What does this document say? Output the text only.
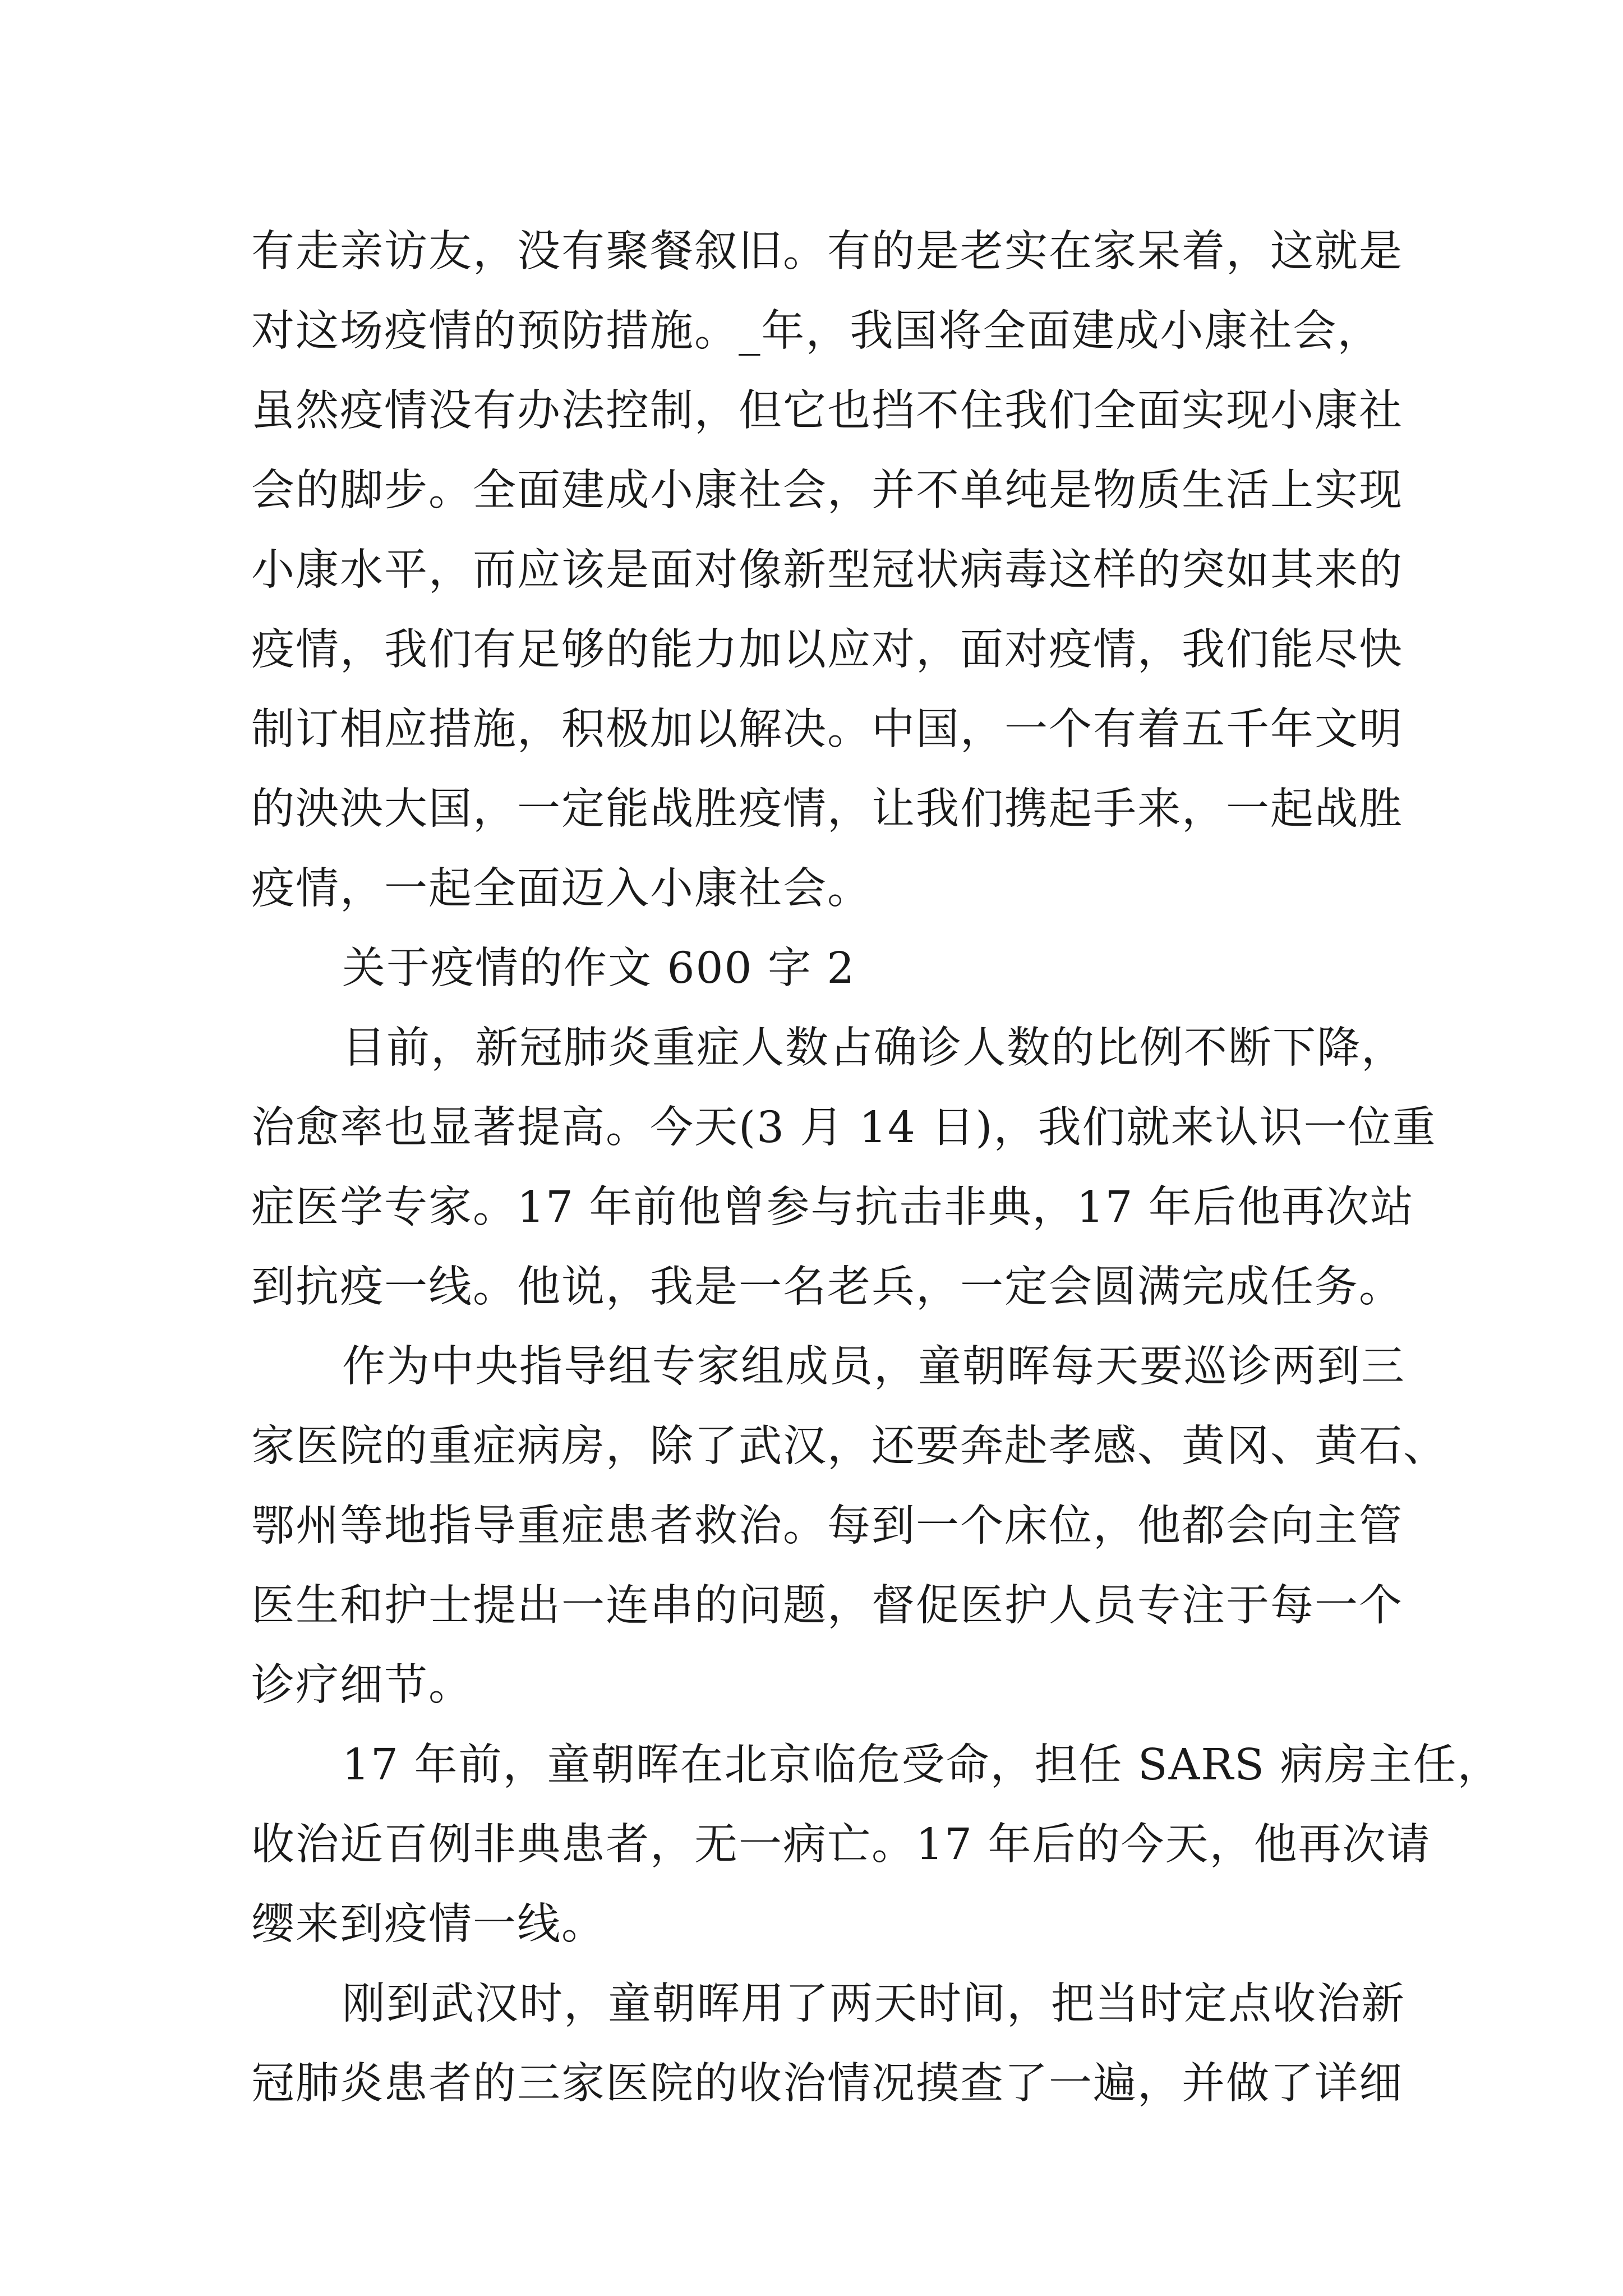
有走亲访友，没有聚餐叙旧。有的是老实在家呆着，这就是
对这场疫情的预防措施。_年，我国将全面建成小康社会，
虽然疫情没有办法控制，但它也挡不住我们全面实现小康社
会的脚步。全面建成小康社会，并不单纯是物质生活上实现
小康水平，而应该是面对像新型冠状病毒这样的突如其来的
疫情，我们有足够的能力加以应对，面对疫情，我们能尽快
制订相应措施，积极加以解决。中国，一个有着五千年文明
的泱泱大国，一定能战胜疫情，让我们携起手来，一起战胜
疫情，一起全面迈入小康社会。
关于疫情的作文 600 字 2
目前，新冠肺炎重症人数占确诊人数的比例不断下降，
治愈率也显著提高。今天(3 月 14 日)，我们就来认识一位重
症医学专家。17 年前他曾参与抗击非典，17 年后他再次站
到抗疫一线。他说，我是一名老兵，一定会圆满完成任务。
作为中央指导组专家组成员，童朝晖每天要巡诊两到三
家医院的重症病房，除了武汉，还要奔赴孝感、黄冈、黄石、
鄂州等地指导重症患者救治。每到一个床位，他都会向主管
医生和护士提出一连串的问题，督促医护人员专注于每一个
诊疗细节。
17 年前，童朝晖在北京临危受命，担任 SARS 病房主任，
收治近百例非典患者，无一病亡。17 年后的今天，他再次请
缨来到疫情一线。
刚到武汉时，童朝晖用了两天时间，把当时定点收治新
冠肺炎患者的三家医院的收治情况摸查了一遍，并做了详细
